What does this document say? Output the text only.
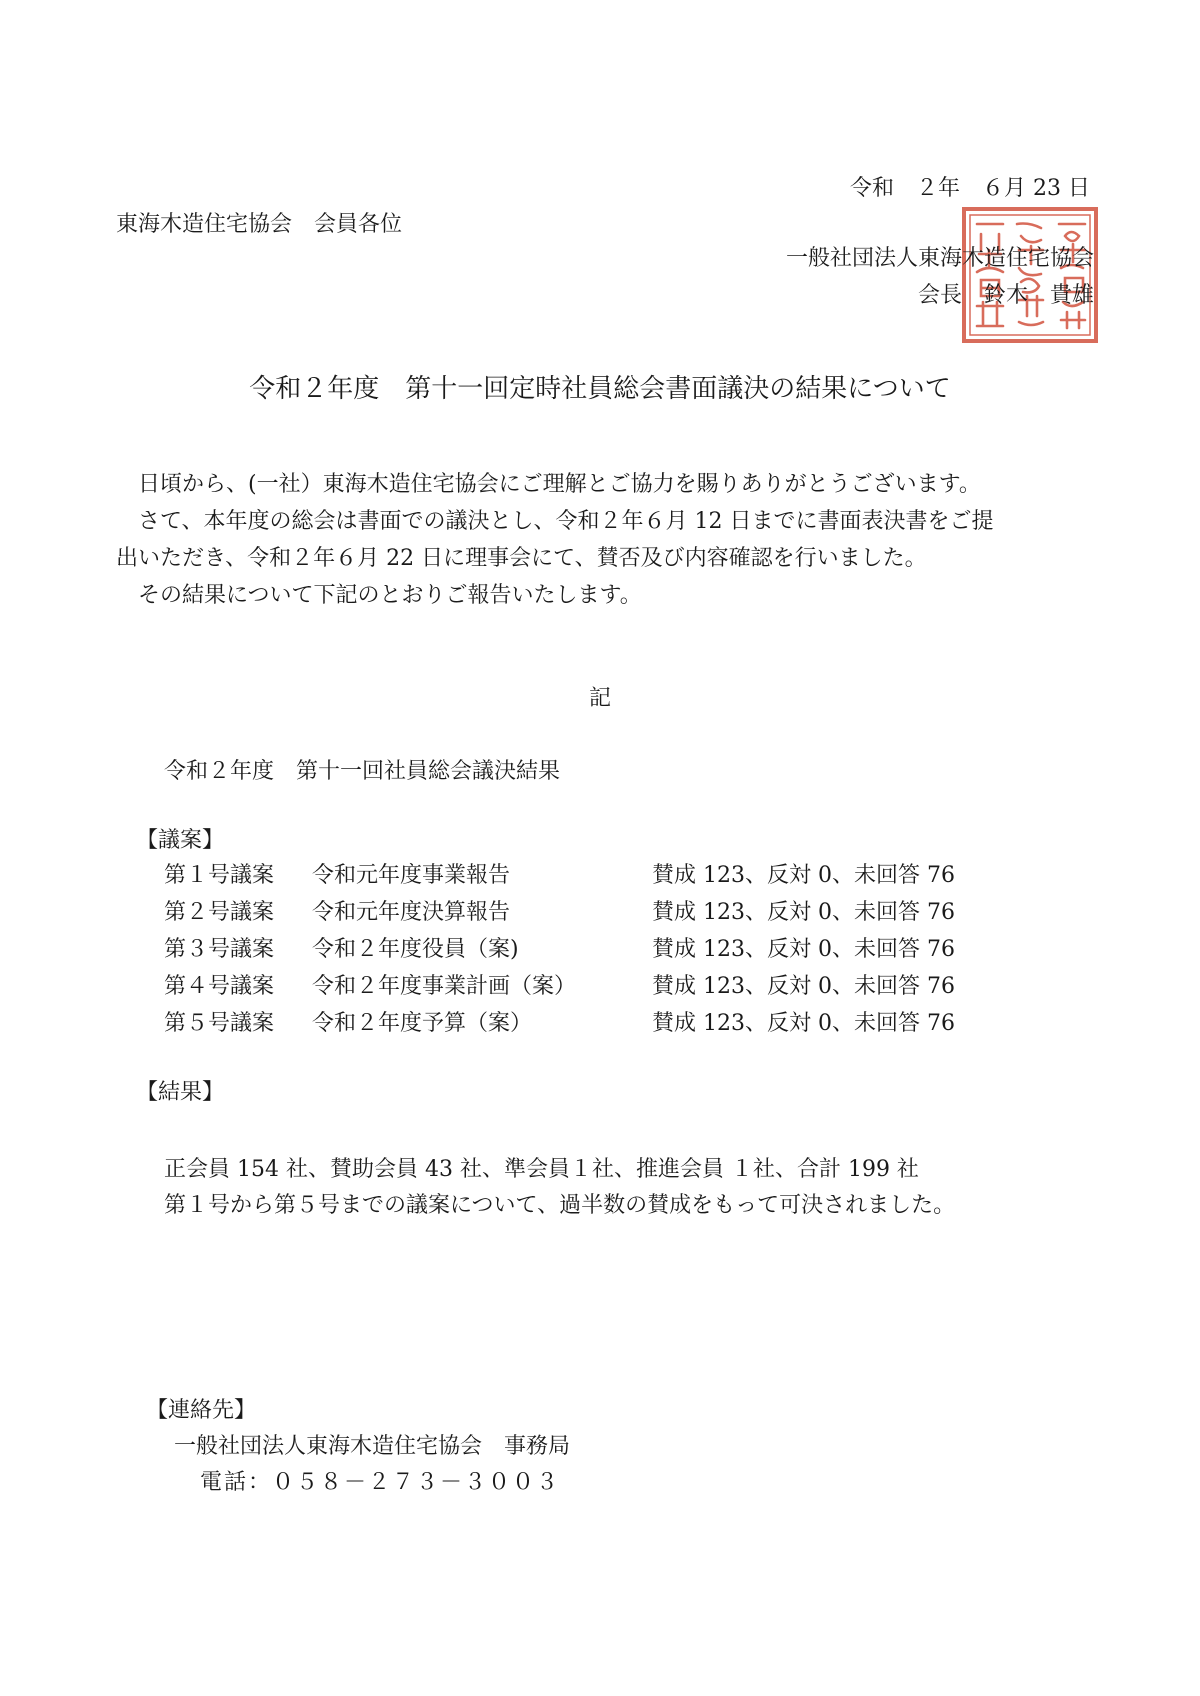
令和　２年　６月 23 日
東海木造住宅協会　会員各位
一般社団法人東海木造住宅協会
会長　鈴木　貴雄
令和２年度　第十一回定時社員総会書面議決の結果について

日頃から、(一社）東海木造住宅協会にご理解とご協力を賜りありがとうございます。

さて、本年度の総会は書面での議決とし、令和２年６月 12 日までに書面表決書をご提

出いただき、令和２年６月 22 日に理事会にて、賛否及び内容確認を行いました。

その結果について下記のとおりご報告いたします。

記
令和２年度　第十一回社員総会議決結果
【議案】
第１号議案	令和元年度事業報告	賛成 123、反対 0、未回答 76
第２号議案	令和元年度決算報告	賛成 123、反対 0、未回答 76
第３号議案	令和２年度役員（案)	賛成 123、反対 0、未回答 76
第４号議案	令和２年度事業計画（案）	賛成 123、反対 0、未回答 76
第５号議案	令和２年度予算（案）	賛成 123、反対 0、未回答 76
【結果】
正会員 154 社、賛助会員 43 社、準会員１社、推進会員 １社、合計 199 社
第１号から第５号までの議案について、過半数の賛成をもって可決されました。
【連絡先】
一般社団法人東海木造住宅協会　事務局
電話：０５８－２７３－３００３
